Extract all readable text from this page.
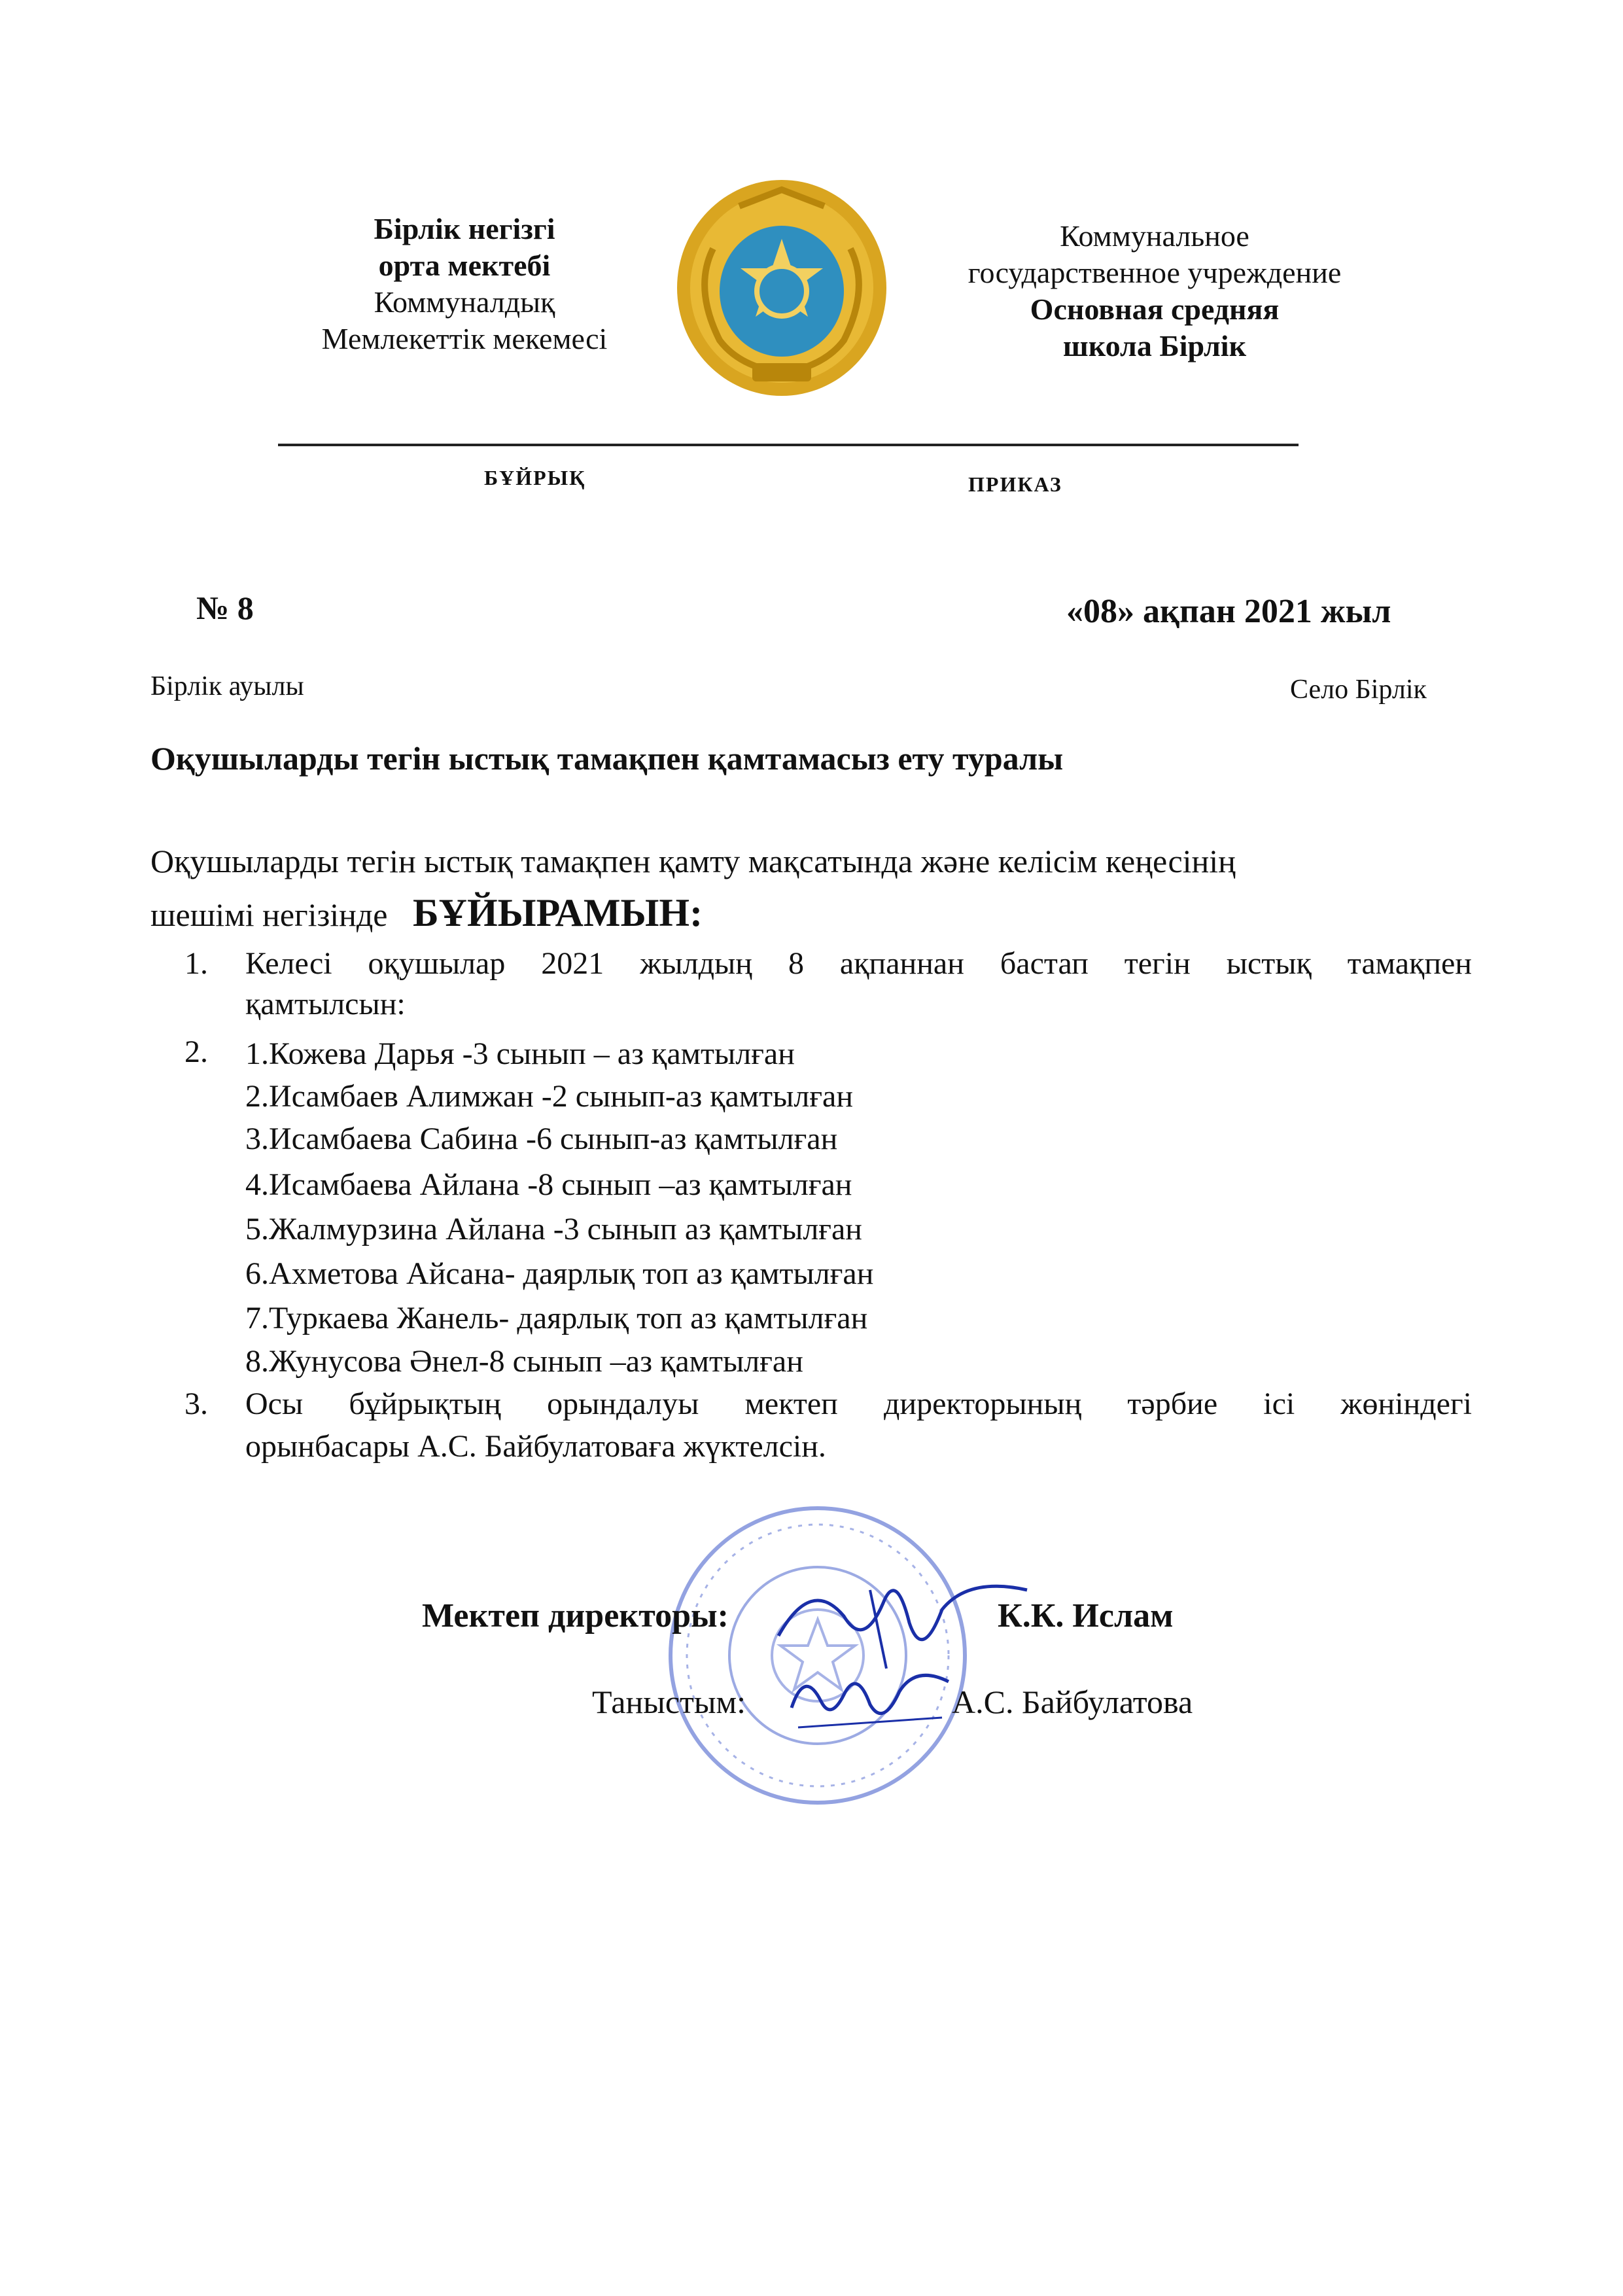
Бірлік негізгі
орта мектебі
Коммуналдық
Мемлекеттік мекемесі
Коммунальное
государственное учреждение
Основная средняя
школа Бірлік
БҰЙРЫҚ	ПРИКАЗ
№ 8	«08» ақпан 2021 жыл
Бірлік ауылы	Село Бірлік
Оқушыларды тегін ыстық тамақпен қамтамасыз ету туралы
Оқушыларды тегін ыстық тамақпен қамту мақсатында және келісім кеңесінің
шешімі негізінде БҰЙЫРАМЫН:
1. Келесі оқушылар 2021 жылдың 8 ақпаннан бастап тегін ыстық тамақпен
қамтылсын:
2. 1.Кожева Дарья -3 сынып – аз қамтылған
2.Исамбаев Алимжан -2 сынып-аз қамтылған
3.Исамбаева Сабина -6 сынып-аз қамтылған
4.Исамбаева Айлана -8 сынып –аз қамтылған
5.Жалмурзина Айлана -3 сынып аз қамтылған
6.Ахметова Айсана- даярлық топ аз қамтылған
7.Туркаева Жанель- даярлық топ аз қамтылған
8.Жунусова Әнел-8 сынып –аз қамтылған
3. Осы бұйрықтың орындалуы мектеп директорының тәрбие ісі жөніндегі
орынбасары А.С. Байбулатоваға жүктелсін.
Мектеп директоры:	К.К. Ислам
Таныстым:	А.С. Байбулатова
